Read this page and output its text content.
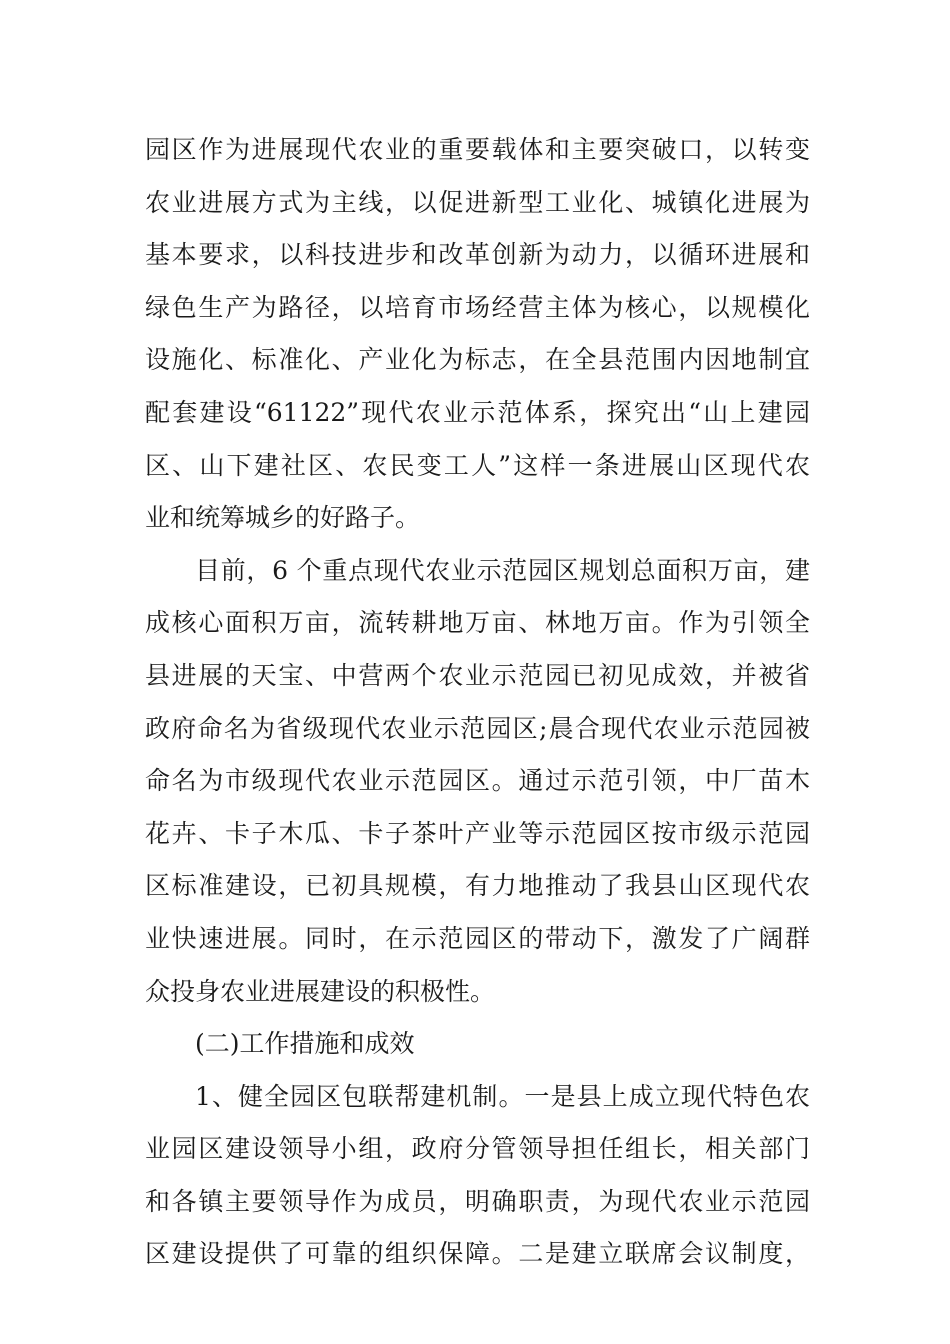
园区作为进展现代农业的重要载体和主要突破口，以转变
农业进展方式为主线，以促进新型工业化、城镇化进展为
基本要求，以科技进步和改革创新为动力，以循环进展和
绿色生产为路径，以培育市场经营主体为核心，以规模化
设施化、标准化、产业化为标志，在全县范围内因地制宜
配套建设“61122”现代农业示范体系，探究出“山上建园
区、山下建社区、农民变工人”这样一条进展山区现代农
业和统筹城乡的好路子。
目前，6 个重点现代农业示范园区规划总面积万亩，建
成核心面积万亩，流转耕地万亩、林地万亩。作为引领全
县进展的天宝、中营两个农业示范园已初见成效，并被省
政府命名为省级现代农业示范园区;晨合现代农业示范园被
命名为市级现代农业示范园区。通过示范引领，中厂苗木
花卉、卡子木瓜、卡子茶叶产业等示范园区按市级示范园
区标准建设，已初具规模，有力地推动了我县山区现代农
业快速进展。同时，在示范园区的带动下，激发了广阔群
众投身农业进展建设的积极性。
(二)工作措施和成效
1、健全园区包联帮建机制。一是县上成立现代特色农
业园区建设领导小组，政府分管领导担任组长，相关部门
和各镇主要领导作为成员，明确职责，为现代农业示范园
区建设提供了可靠的组织保障。二是建立联席会议制度，
